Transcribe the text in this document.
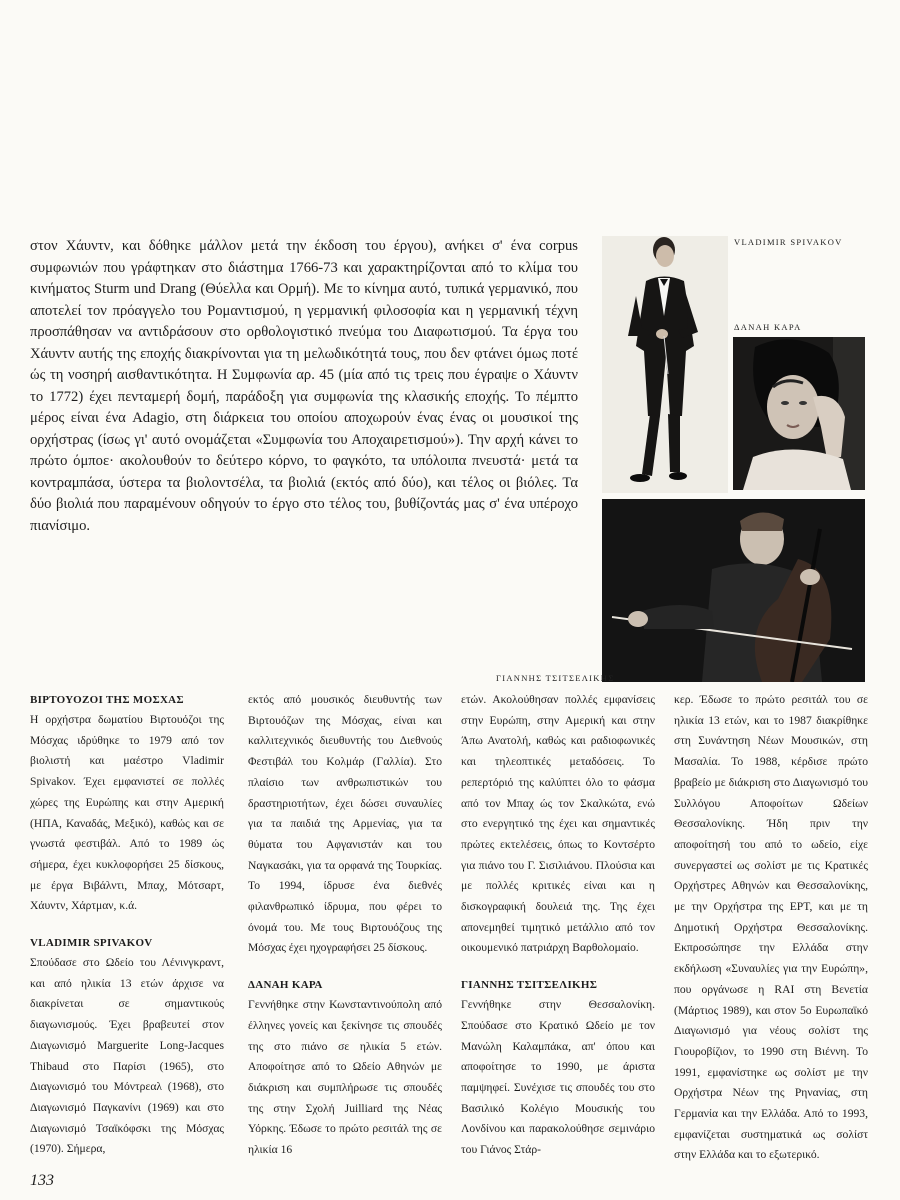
στον Χάυντν, και δόθηκε μάλλον μετά την έκδοση του έργου), ανήκει σ' ένα corpus συμφωνιών που γράφτηκαν στο διάστημα 1766-73 και χαρακτηρίζονται από το κλίμα του κινήματος Sturm und Drang (Θύελλα και Ορμή). Με το κίνημα αυτό, τυπικά γερμανικό, που αποτελεί τον πρόαγγελο του Ρομαντισμού, η γερμανική φιλοσοφία και η γερμανική τέχνη προσπάθησαν να αντιδράσουν στο ορθολογιστικό πνεύμα του Διαφωτισμού. Τα έργα του Χάυντν αυτής της εποχής διακρίνονται για τη μελωδικότητά τους, που δεν φτάνει όμως ποτέ ώς τη νοσηρή αισθαντικότητα. Η Συμφωνία αρ. 45 (μία από τις τρεις που έγραψε ο Χάυντν το 1772) έχει πενταμερή δομή, παράδοξη για συμφωνία της κλασικής εποχής. Το πέμπτο μέρος είναι ένα Adagio, στη διάρκεια του οποίου αποχωρούν ένας ένας οι μουσικοί της ορχήστρας (ίσως γι' αυτό ονομάζεται «Συμφωνία του Αποχαιρετισμού»). Την αρχή κάνει το πρώτο όμποε· ακολουθούν το δεύτερο κόρνο, το φαγκότο, τα υπόλοιπα πνευστά· μετά τα κοντραμπάσα, ύστερα τα βιολοντσέλα, τα βιολιά (εκτός από δύο), και τέλος οι βιόλες. Τα δύο βιολιά που παραμένουν οδηγούν το έργο στο τέλος του, βυθίζοντάς μας σ' ένα υπέροχο πιανίσιμο.

VLADIMIR SPIVAKOV
ΔΑΝΑΗ ΚΑΡΑ
ΓΙΑΝΝΗΣ ΤΣΙΤΣΕΛΙΚΗΣ
ΒΙΡΤΟΥΟΖΟΙ ΤΗΣ ΜΟΣΧΑΣ

Η ορχήστρα δωματίου Βιρτουόζοι της Μόσχας ιδρύθηκε το 1979 από τον βιολιστή και μαέστρο Vladimir Spivakov. Έχει εμφανιστεί σε πολλές χώρες της Ευρώπης και στην Αμερική (ΗΠΑ, Καναδάς, Μεξικό), καθώς και σε γνωστά φεστιβάλ. Από το 1989 ώς σήμερα, έχει κυκλοφορήσει 25 δίσκους, με έργα Βιβάλντι, Μπαχ, Μότσαρτ, Χάυντν, Χάρτμαν, κ.ά.

VLADIMIR SPIVAKOV

Σπούδασε στο Ωδείο του Λένινγκραντ, και από ηλικία 13 ετών άρχισε να διακρίνεται σε σημαντικούς διαγωνισμούς. Έχει βραβευτεί στον Διαγωνισμό Marguerite Long-Jacques Thibaud στο Παρίσι (1965), στο Διαγωνισμό του Μόντρεαλ (1968), στο Διαγωνισμό Παγκανίνι (1969) και στο Διαγωνισμό Τσαϊκόφσκι της Μόσχας (1970). Σήμερα,

εκτός από μουσικός διευθυντής των Βιρτουόζων της Μόσχας, είναι και καλλιτεχνικός διευθυντής του Διεθνούς Φεστιβάλ του Κολμάρ (Γαλλία). Στο πλαίσιο των ανθρωπιστικών του δραστηριοτήτων, έχει δώσει συναυλίες για τα παιδιά της Αρμενίας, για τα θύματα του Αφγανιστάν και του Ναγκασάκι, για τα ορφανά της Τουρκίας. Το 1994, ίδρυσε ένα διεθνές φιλανθρωπικό ίδρυμα, που φέρει το όνομά του. Με τους Βιρτουόζους της Μόσχας έχει ηχογραφήσει 25 δίσκους.

ΔΑΝΑΗ ΚΑΡΑ

Γεννήθηκε στην Κωνσταντινούπολη από έλληνες γονείς και ξεκίνησε τις σπουδές της στο πιάνο σε ηλικία 5 ετών. Αποφοίτησε από το Ωδείο Αθηνών με διάκριση και συμπλήρωσε τις σπουδές της στην Σχολή Juilliard της Νέας Υόρκης. Έδωσε το πρώτο ρεσιτάλ της σε ηλικία 16

ετών. Ακολούθησαν πολλές εμφανίσεις στην Ευρώπη, στην Αμερική και στην Άπω Ανατολή, καθώς και ραδιοφωνικές και τηλεοπτικές μεταδόσεις. Το ρεπερτόριό της καλύπτει όλο το φάσμα από τον Μπαχ ώς τον Σκαλκώτα, ενώ στο ενεργητικό της έχει και σημαντικές πρώτες εκτελέσεις, όπως το Κοντσέρτο για πιάνο του Γ. Σισιλιάνου. Πλούσια και με πολλές κριτικές είναι και η δισκογραφική δουλειά της. Της έχει απονεμηθεί τιμητικό μετάλλιο από τον οικουμενικό πατριάρχη Βαρθολομαίο.

ΓΙΑΝΝΗΣ ΤΣΙΤΣΕΛΙΚΗΣ

Γεννήθηκε στην Θεσσαλονίκη. Σπούδασε στο Κρατικό Ωδείο με τον Μανώλη Καλαμπάκα, απ' όπου και αποφοίτησε το 1990, με άριστα παμψηφεί. Συνέχισε τις σπουδές του στο Βασιλικό Κολέγιο Μουσικής του Λονδίνου και παρακολούθησε σεμινάριο του Γιάνος Στάρ-

κερ. Έδωσε το πρώτο ρεσιτάλ του σε ηλικία 13 ετών, και το 1987 διακρίθηκε στη Συνάντηση Νέων Μουσικών, στη Μασαλία. Το 1988, κέρδισε πρώτο βραβείο με διάκριση στο Διαγωνισμό του Συλλόγου Αποφοίτων Ωδείων Θεσσαλονίκης. Ήδη πριν την αποφοίτησή του από το ωδείο, είχε συνεργαστεί ως σολίστ με τις Κρατικές Ορχήστρες Αθηνών και Θεσσαλονίκης, με την Ορχήστρα της ΕΡΤ, και με τη Δημοτική Ορχήστρα Θεσσαλονίκης. Εκπροσώπησε την Ελλάδα στην εκδήλωση «Συναυλίες για την Ευρώπη», που οργάνωσε η RAI στη Βενετία (Μάρτιος 1989), και στον 5ο Ευρωπαϊκό Διαγωνισμό για νέους σολίστ της Γιουροβίζιον, το 1990 στη Βιέννη. Το 1991, εμφανίστηκε ως σολίστ με την Ορχήστρα Νέων της Ρηνανίας, στη Γερμανία και την Ελλάδα. Από το 1993, εμφανίζεται συστηματικά ως σολίστ στην Ελλάδα και το εξωτερικό.

133
